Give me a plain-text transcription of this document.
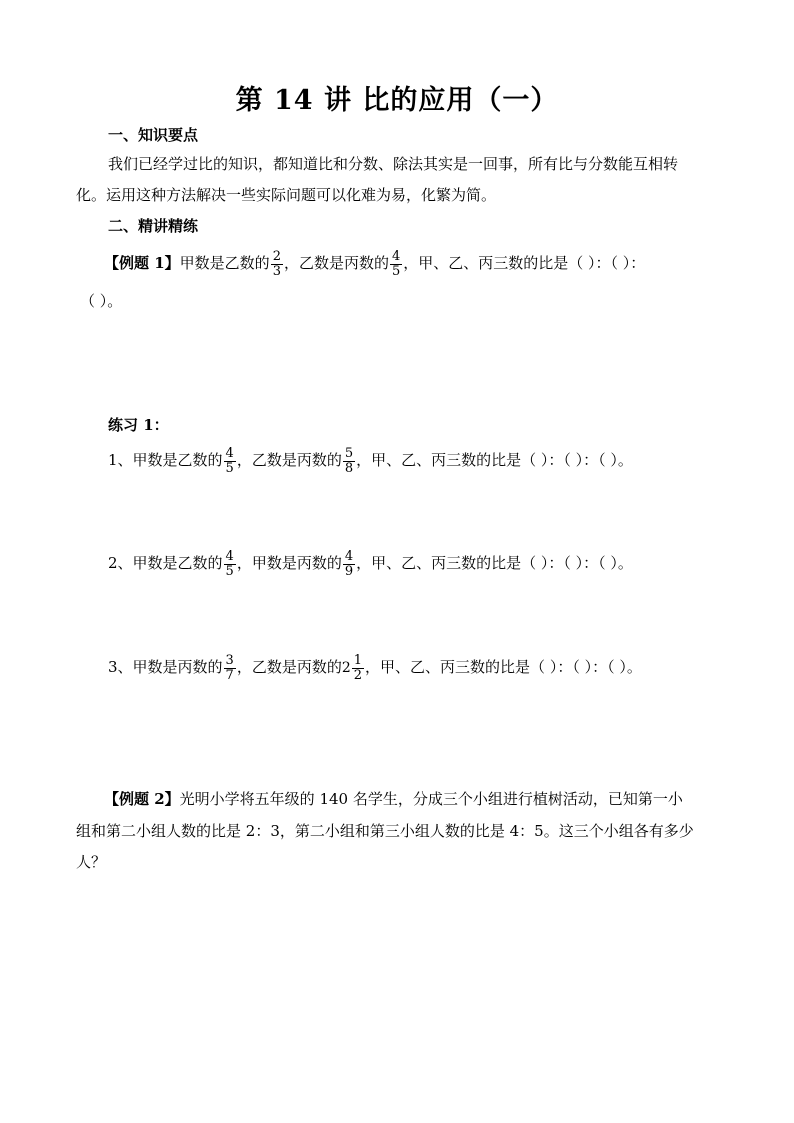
第 14 讲 比的应用（一）
一、知识要点
我们已经学过比的知识，都知道比和分数、除法其实是一回事，所有比与分数能互相转
化。运用这种方法解决一些实际问题可以化难为易，化繁为简。
二、精讲精练
【例题 1】甲数是乙数的 $\frac{2}{3}$ ，乙数是丙数的 $\frac{4}{5}$ ，甲、乙、丙三数的比是（ ）：（ ）：
（ ）。
练习 1：
1、甲数是乙数的 $\frac{4}{5}$ ，乙数是丙数的 $\frac{5}{8}$ ，甲、乙、丙三数的比是（ ）：（ ）：（ ）。
2、甲数是乙数的 $\frac{4}{5}$ ，甲数是丙数的 $\frac{4}{9}$ ，甲、乙、丙三数的比是（ ）：（ ）：（ ）。
3、甲数是丙数的 $\frac{3}{7}$ ，乙数是丙数的$2 \frac{1}{2}$ ，甲、乙、丙三数的比是（ ）：（ ）：（ ）。
【例题 2】光明小学将五年级的 140 名学生，分成三个小组进行植树活动，已知第一小
组和第二小组人数的比是 2：3，第二小组和第三小组人数的比是 4：5。这三个小组各有多少
人？
